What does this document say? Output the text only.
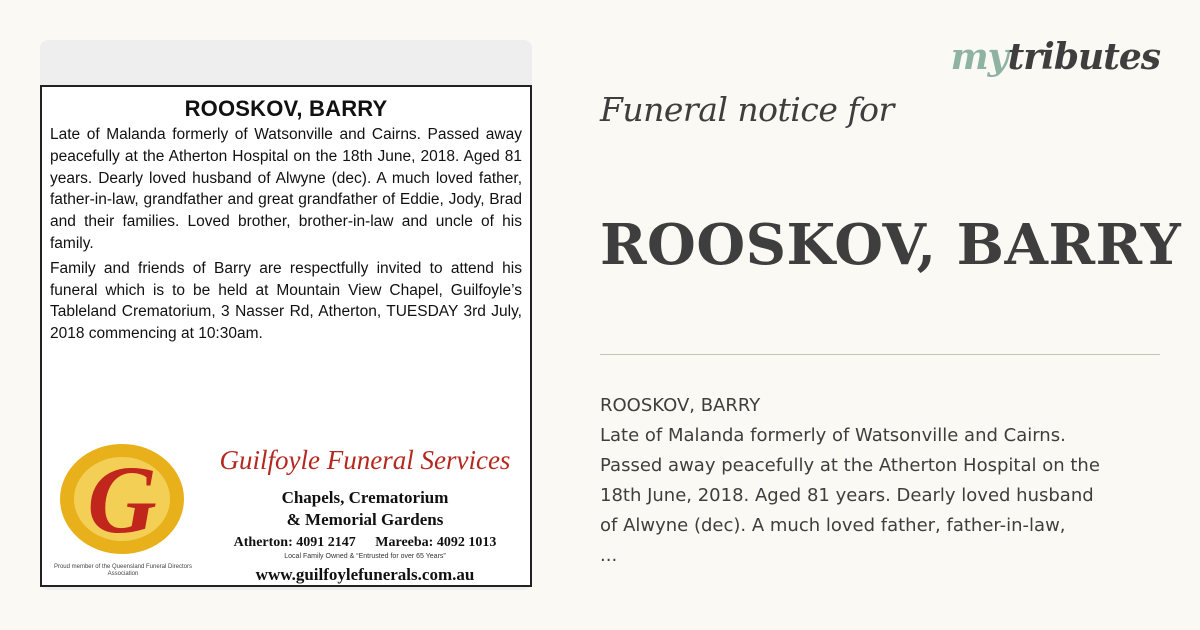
ROOSKOV, BARRY

Late of Malanda formerly of Watsonville and Cairns. Passed away peacefully at the Atherton Hospital on the 18th June, 2018. Aged 81 years. Dearly loved husband of Alwyne (dec). A much loved father, father-in-law, grandfather and great grandfather of Eddie, Jody, Brad and their families. Loved brother, brother-in-law and uncle of his family.

Family and friends of Barry are respectfully invited to attend his funeral which is to be held at Mountain View Chapel, Guilfoyle’s Tableland Crematorium, 3 Nasser Rd, Atherton, TUESDAY 3rd July, 2018 commencing at 10:30am.

G
Proud member of the Queensland Funeral Directors Association
Guilfoyle Funeral Services
Chapels, Crematorium
& Memorial Gardens
Atherton: 4091 2147 Mareeba: 4092 1013
Local Family Owned & “Entrusted for over 65 Years”
www.guilfoylefunerals.com.au
mytributes
Funeral notice for
ROOSKOV, BARRY
ROOSKOV, BARRY
Late of Malanda formerly of Watsonville and Cairns.
Passed away peacefully at the Atherton Hospital on the
18th June, 2018. Aged 81 years. Dearly loved husband
of Alwyne (dec). A much loved father, father-in-law,
...
